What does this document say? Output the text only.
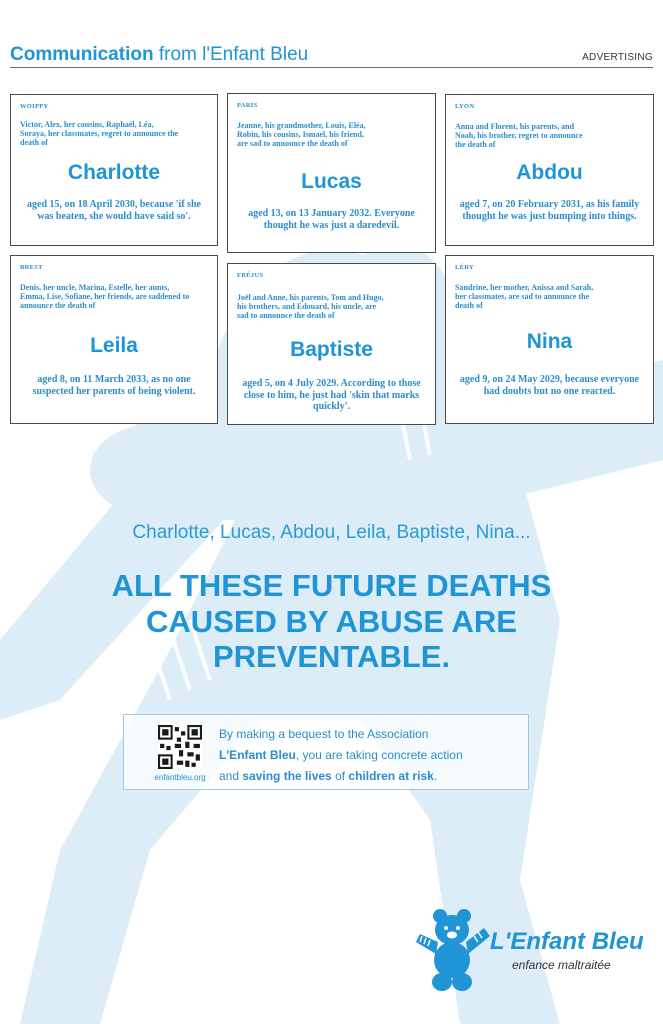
Communication from l'Enfant Bleu	ADVERTISING
WOIPPY
Victor, Alex, her cousins, Raphaël, Léa, Soraya, her classmates, regret to announce the death of
Charlotte
aged 15, on 18 April 2030, because 'if she was beaten, she would have said so'.
PARIS
Jeanne, his grandmother, Louis, Eléa, Robin, his cousins, Ismael, his friend, are sad to announce the death of
Lucas
aged 13, on 13 January 2032. Everyone thought he was just a daredevil.
LYON
Anna and Florent, his parents, and Noah, his brother, regret to announce the death of
Abdou
aged 7, on 20 February 2031, as his family thought he was just bumping into things.
BREST
Denis, her uncle, Marina, Estelle, her aunts, Emma, Lise, Sofiane, her friends, are saddened to announce the death of
Leila
aged 8, on 11 March 2033, as no one suspected her parents of being violent.
FRÉJUS
Joël and Anne, his parents, Tom and Hugo, his brothers, and Edouard, his uncle, are sad to announce the death of
Baptiste
aged 5, on 4 July 2029. According to those close to him, he just had 'skin that marks quickly'.
LÉRY
Sandrine, her mother, Anissa and Sarah, her classmates, are sad to announce the death of
Nina
aged 9, on 24 May 2029, because everyone had doubts but no one reacted.
Charlotte, Lucas, Abdou, Leila, Baptiste, Nina...
ALL THESE FUTURE DEATHS CAUSED BY ABUSE ARE PREVENTABLE.
enfantbleu.org
By making a bequest to the Association
L'Enfant Bleu, you are taking concrete action
and saving the lives of children at risk.
L'Enfant Bleu
enfance maltraitée
